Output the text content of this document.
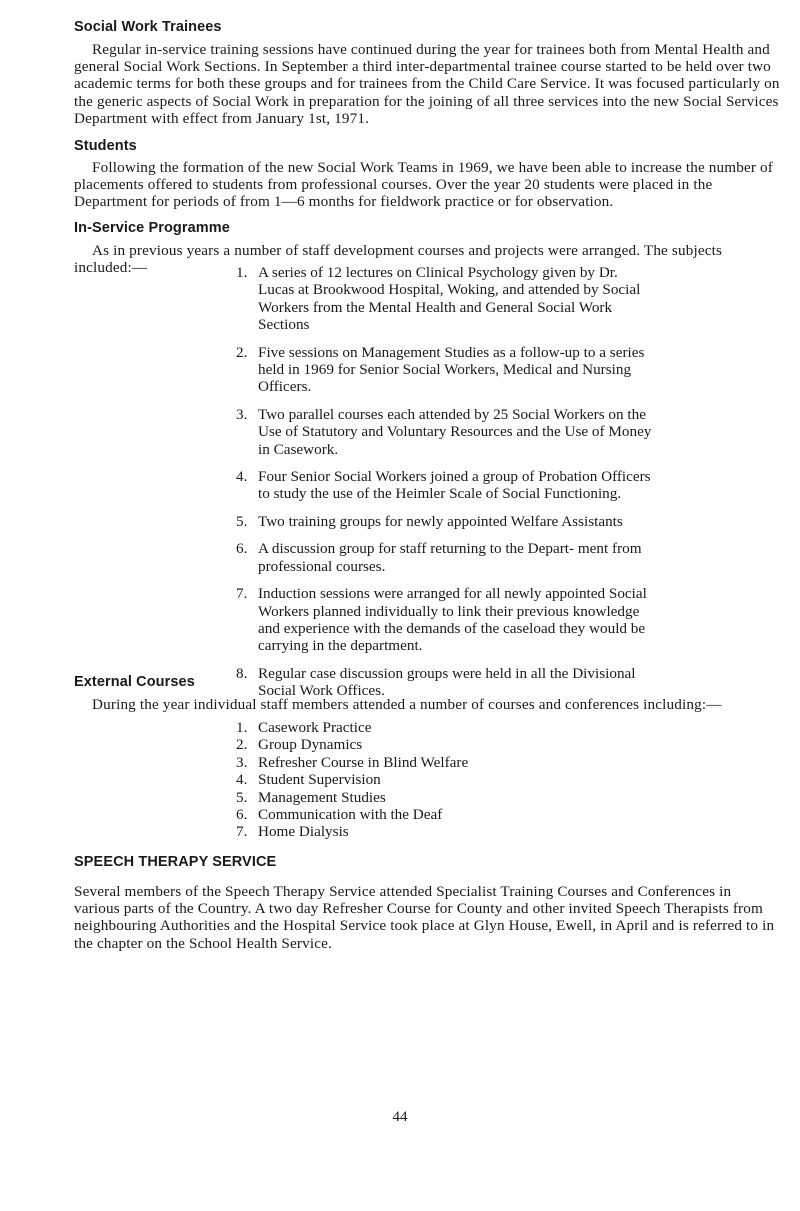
Social Work Trainees
Regular in-service training sessions have continued during the year for trainees both from Mental Health and general Social Work Sections. In September a third inter-departmental trainee course started to be held over two academic terms for both these groups and for trainees from the Child Care Service. It was focused particularly on the generic aspects of Social Work in preparation for the joining of all three services into the new Social Services Department with effect from January 1st, 1971.
Students
Following the formation of the new Social Work Teams in 1969, we have been able to increase the number of placements offered to students from professional courses. Over the year 20 students were placed in the Department for periods of from 1—6 months for fieldwork practice or for observation.
In-Service Programme
As in previous years a number of staff development courses and projects were arranged. The subjects included:—	1. A series of 12 lectures on Clinical Psychology given by Dr. Lucas at Brookwood Hospital, Woking, and attended by Social Workers from the Mental Health and General Social Work Sections
2. Five sessions on Management Studies as a follow-up to a series held in 1969 for Senior Social Workers, Medical and Nursing Officers.
3. Two parallel courses each attended by 25 Social Workers on the Use of Statutory and Voluntary Resources and the Use of Money in Casework.
4. Four Senior Social Workers joined a group of Probation Officers to study the use of the Heimler Scale of Social Functioning.
5. Two training groups for newly appointed Welfare Assistants
6. A discussion group for staff returning to the Depart- ment from professional courses.
7. Induction sessions were arranged for all newly appointed Social Workers planned individually to link their previous knowledge and experience with the demands of the caseload they would be carrying in the department.
8. Regular case discussion groups were held in all the Divisional Social Work Offices.
External Courses
During the year individual staff members attended a number of courses and conferences including:—
1. Casework Practice
2. Group Dynamics
3. Refresher Course in Blind Welfare
4. Student Supervision
5. Management Studies
6. Communication with the Deaf
7. Home Dialysis
SPEECH THERAPY SERVICE
Several members of the Speech Therapy Service attended Specialist Training Courses and Conferences in various parts of the Country. A two day Refresher Course for County and other invited Speech Therapists from neighbouring Authorities and the Hospital Service took place at Glyn House, Ewell, in April and is referred to in the chapter on the School Health Service.
44
